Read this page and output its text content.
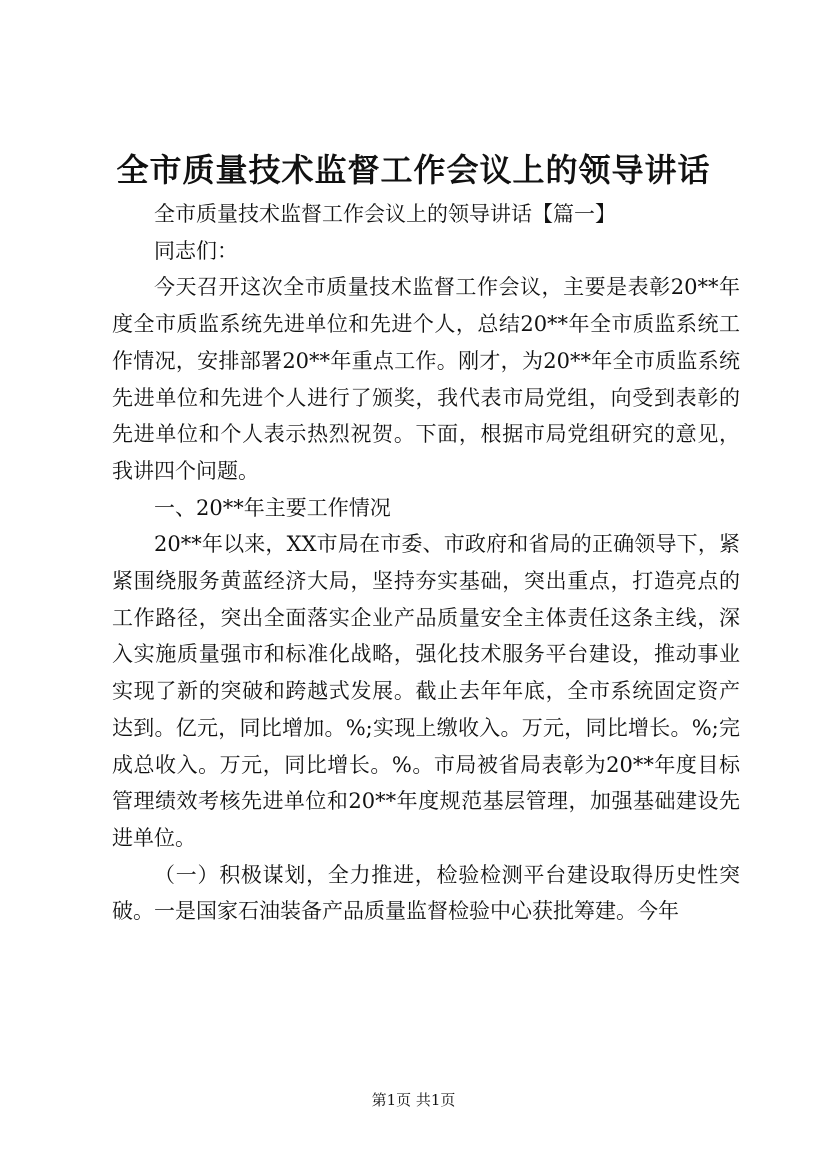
全市质量技术监督工作会议上的领导讲话

全市质量技术监督工作会议上的领导讲话【篇一】

同志们：

今天召开这次全市质量技术监督工作会议，主要是表彰20**年度全市质监系统先进单位和先进个人，总结20**年全市质监系统工作情况，安排部署20**年重点工作。刚才，为20**年全市质监系统先进单位和先进个人进行了颁奖，我代表市局党组，向受到表彰的先进单位和个人表示热烈祝贺。下面，根据市局党组研究的意见，我讲四个问题。

一、20**年主要工作情况

20**年以来，XX市局在市委、市政府和省局的正确领导下，紧紧围绕服务黄蓝经济大局，坚持夯实基础，突出重点，打造亮点的工作路径，突出全面落实企业产品质量安全主体责任这条主线，深入实施质量强市和标准化战略，强化技术服务平台建设，推动事业实现了新的突破和跨越式发展。截止去年年底，全市系统固定资产达到。亿元，同比增加。%;实现上缴收入。万元，同比增长。%;完成总收入。万元，同比增长。%。市局被省局表彰为20**年度目标管理绩效考核先进单位和20**年度规范基层管理，加强基础建设先进单位。

（一）积极谋划，全力推进，检验检测平台建设取得历史性突破。一是国家石油装备产品质量监督检验中心获批筹建。今年

第1页 共1页
